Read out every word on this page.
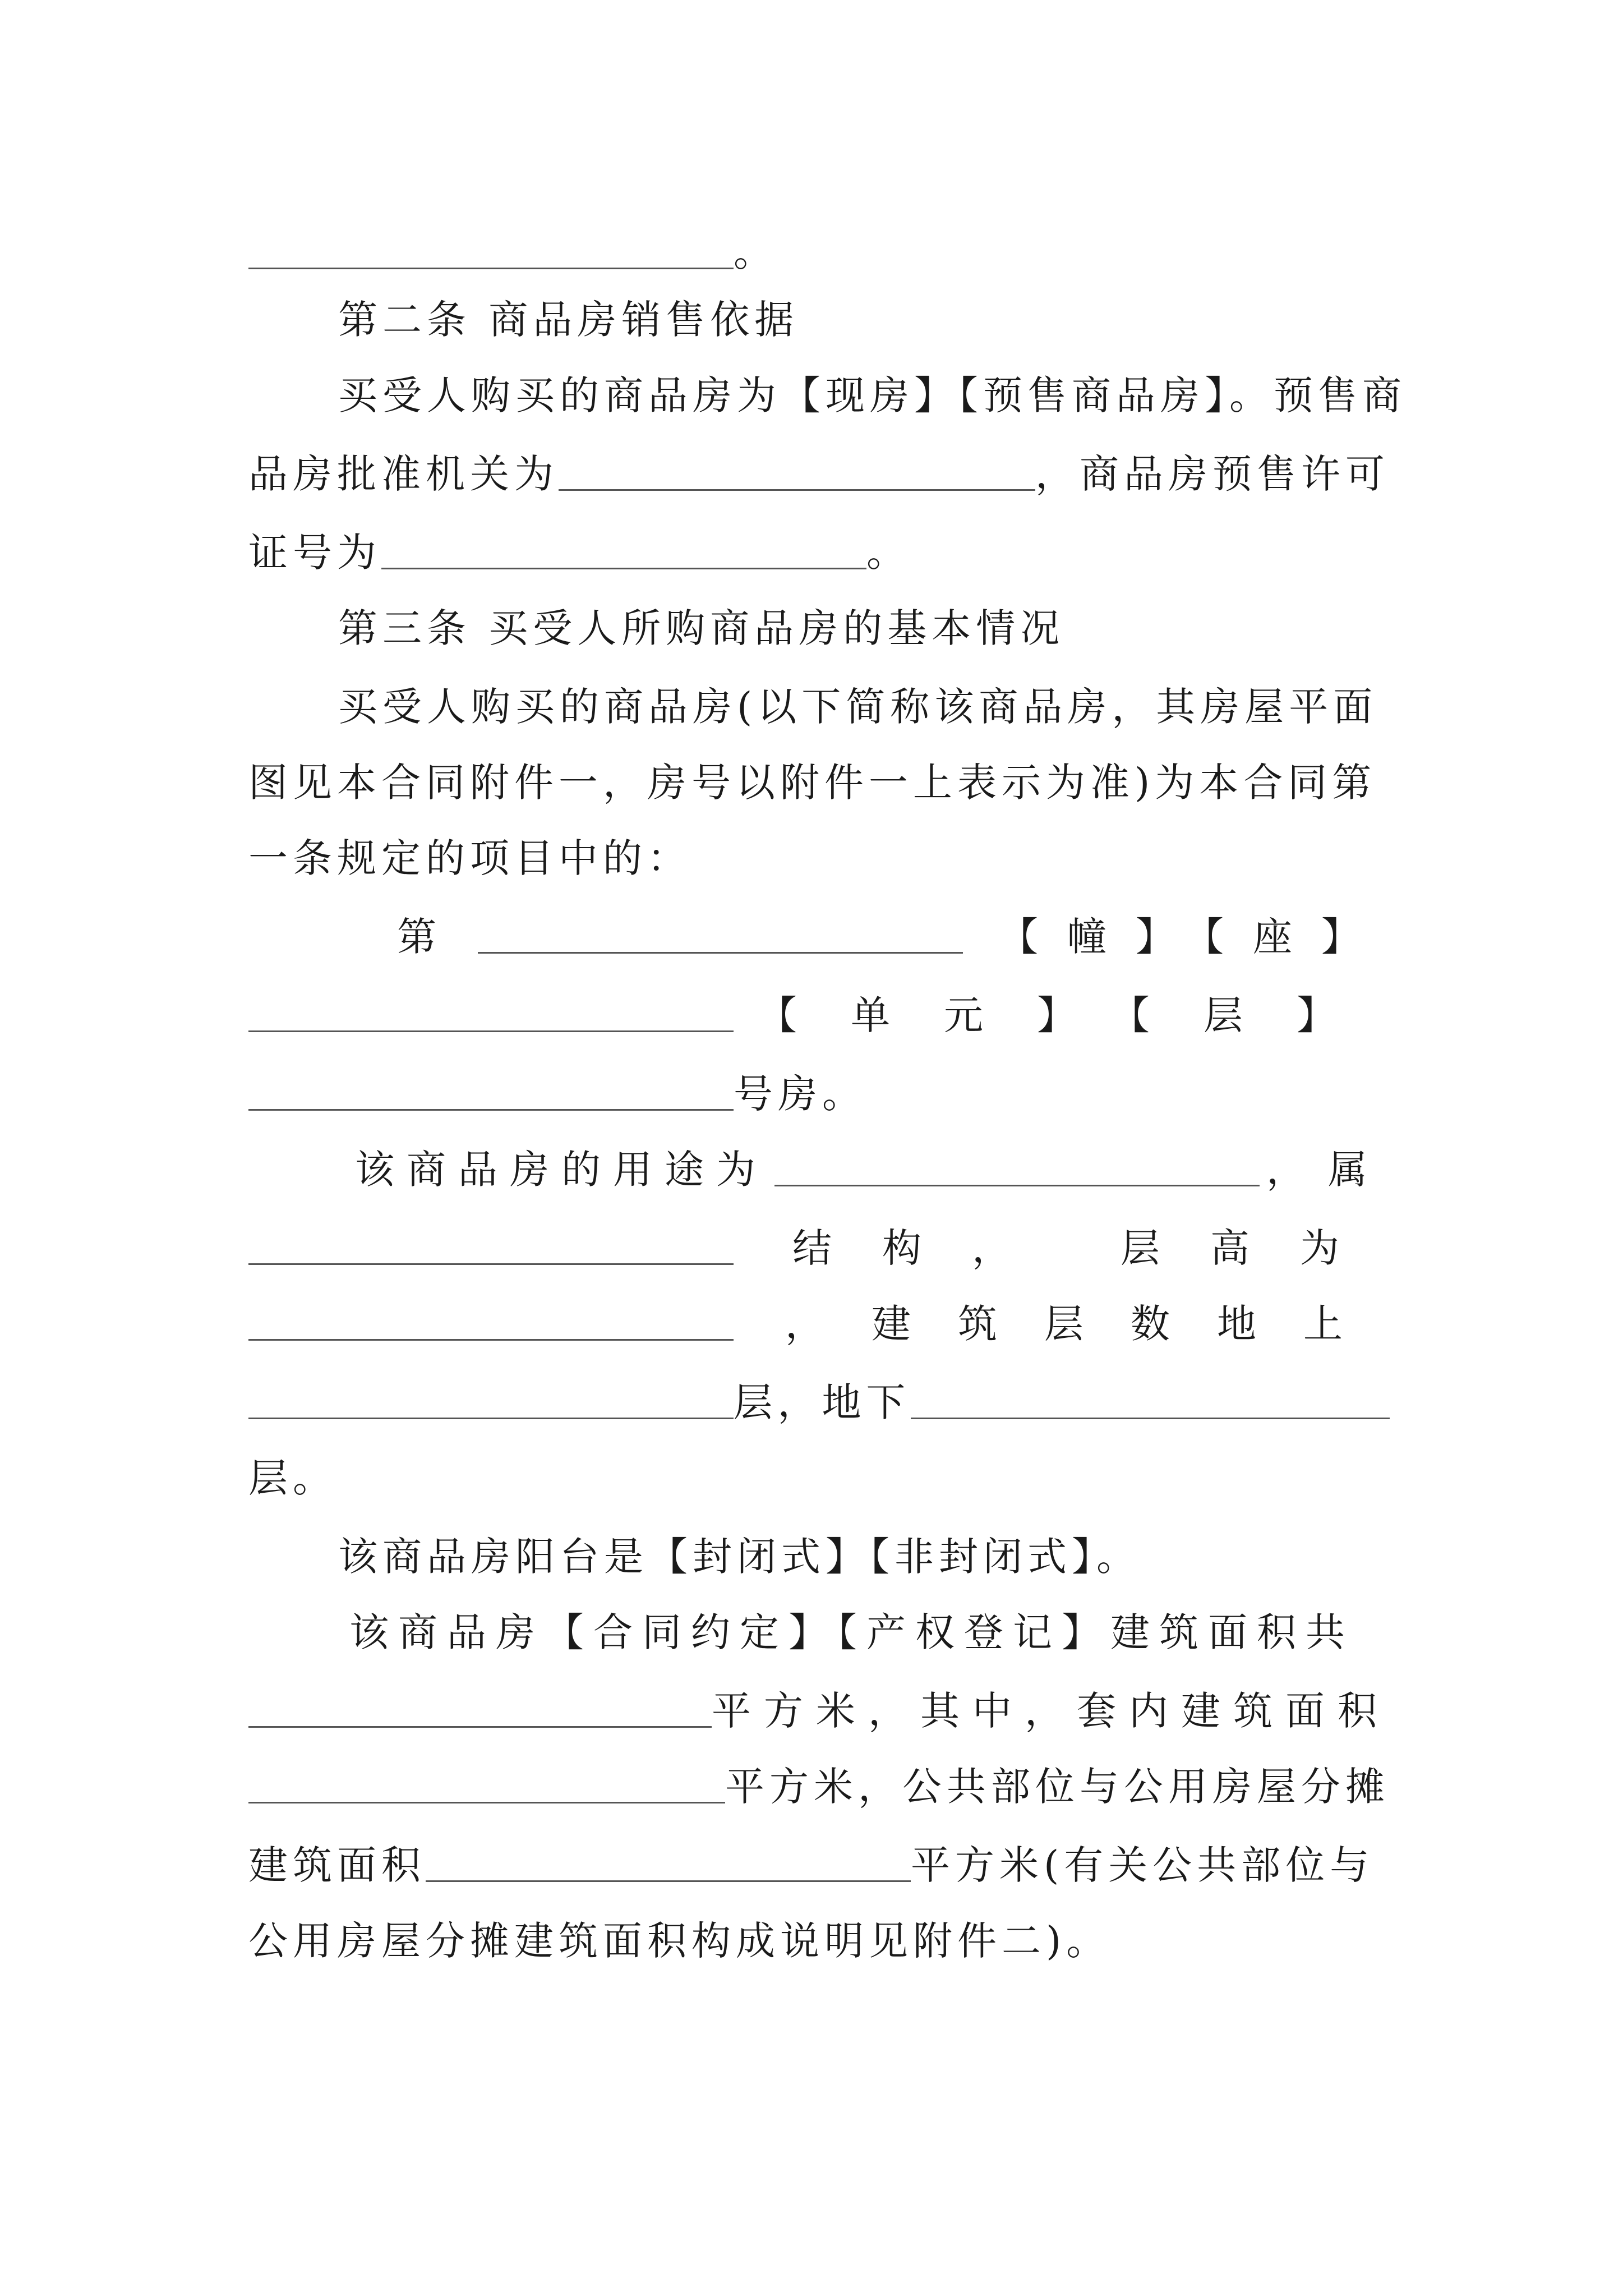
。
第二条 商品房销售依据
买受人购买的商品房为【现房】【预售商品房】。预售商
品房批准机关为	，商品房预售许可
证号为	。
第三条 买受人所购商品房的基本情况
买受人购买的商品房(以下简称该商品房，其房屋平面
图见本合同附件一，房号以附件一上表示为准)为本合同第
一条规定的项目中的：
第	【幢】【座】
【单元】【层】
号房。
该商品房的用途为	，属
结构， 层高为
，建筑层数地上
层，地下
层。
该商品房阳台是【封闭式】【非封闭式】。
该商品房【合同约定】【产权登记】建筑面积共
平方米，其中，套内建筑面积
平方米，公共部位与公用房屋分摊
建筑面积	平方米(有关公共部位与
公用房屋分摊建筑面积构成说明见附件二)。
